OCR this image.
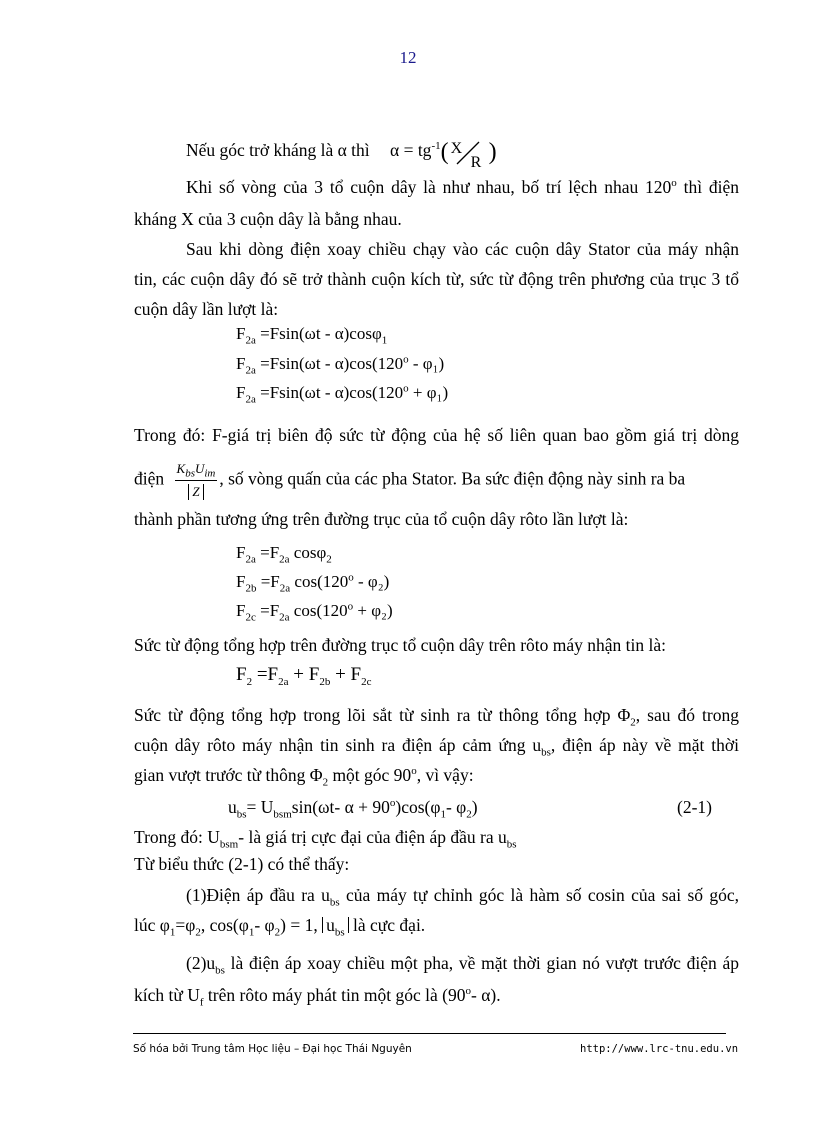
12
Nếu góc trở kháng là α thì $\alpha = tg^{-1}$( X
R )
Khi số vòng của 3 tổ cuộn dây là như nhau, bố trí lệch nhau 120$^o$ thì điện
kháng X của 3 cuộn dây là bằng nhau.
Sau khi dòng điện xoay chiều chạy vào các cuộn dây Stator của máy nhận
tin, các cuộn dây đó sẽ trở thành cuộn kích từ, sức từ động trên phương của trục 3 tổ
cuộn dây lần lượt là:
$F_{2a} =Fsin(\omega t - \alpha)\cos\varphi_1$
$F_{2a} =Fsin(\omega t - \alpha)\cos(120^o - \varphi_1)$
$F_{2a} =Fsin(\omega t - \alpha)\cos(120^o + \varphi_1)$
Trong đó: F-giá trị biên độ sức từ động của hệ số liên quan bao gồm giá trị dòng
điện $\frac{K_{bs}U_{im}}{Z}$ , số vòng quấn của các pha Stator. Ba sức điện động này sinh ra ba
thành phần tương ứng trên đường trục của tổ cuộn dây rôto lần lượt là:
$F_{2a} =F_{2a}$ cosφ$_2$
$F_{2b} =F_{2a}$ cos(120$^o$ - φ₂)
$F_{2c} =F_{2a}$ $\cos(120^o + \varphi_2)$
Sức từ động tổng hợp trên đường trục tổ cuộn dây trên rôto máy nhận tin là:
$F_2 =F_{2a} + F_{2b} + F_{2c}$
Sức từ động tổng hợp trong lõi sắt từ sinh ra từ thông tổng hợp $\Phi_2$, sau đó trong
cuộn dây rôto máy nhận tin sinh ra điện áp cảm ứng $u_{bs}$, điện áp này về mặt thời
gian vượt trước từ thông $\Phi_2$ một góc 90$^o$, vì vậy:
$u_{bs}= U_{bsm}\sin(\omega t-$ $\alpha + 90^o)\cos(\varphi_1-$ $\varphi_2$)	(2-1)
Trong đó: $U_{bsm}-$ là giá trị cực đại của điện áp đầu ra $u_{bs}$
Từ biểu thức (2-1) có thể thấy:
(1)Điện áp đầu ra $u_{bs}$ của máy tự chỉnh góc là hàm số cosin của sai số góc,
lúc $\varphi_1=\varphi_2$, $\cos(\varphi_1-$ $\varphi_2) = 1$, $u_{bs}$ là cực đại.
$(2)u_{bs}$ là điện áp xoay chiều một pha, về mặt thời gian nó vượt trước điện áp
kích từ $U_f$ trên rôto máy phát tin một góc là (90$^o$- α).
Số hóa bởi Trung tâm Học liệu – Đại học Thái Nguyên	http://www.lrc-tnu.edu.vn
